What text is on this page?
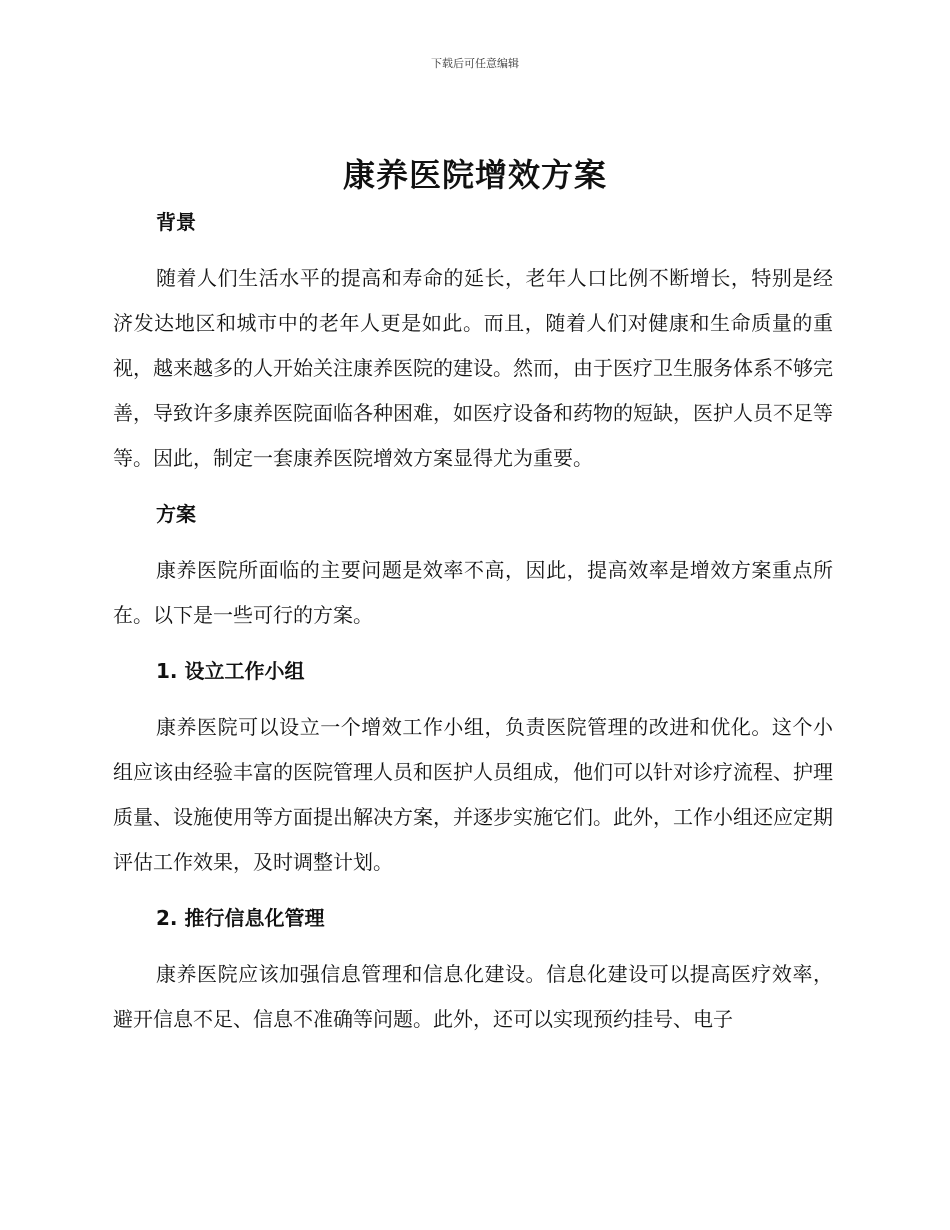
下载后可任意编辑
康养医院增效方案

背景

随着人们生活水平的提高和寿命的延长，老年人口比例不断增长，特别是经济发达地区和城市中的老年人更是如此。而且，随着人们对健康和生命质量的重视，越来越多的人开始关注康养医院的建设。然而，由于医疗卫生服务体系不够完善，导致许多康养医院面临各种困难，如医疗设备和药物的短缺，医护人员不足等等。因此，制定一套康养医院增效方案显得尤为重要。

方案

康养医院所面临的主要问题是效率不高，因此，提高效率是增效方案重点所在。以下是一些可行的方案。

1. 设立工作小组

康养医院可以设立一个增效工作小组，负责医院管理的改进和优化。这个小组应该由经验丰富的医院管理人员和医护人员组成，他们可以针对诊疗流程、护理质量、设施使用等方面提出解决方案，并逐步实施它们。此外，工作小组还应定期评估工作效果，及时调整计划。

2. 推行信息化管理

康养医院应该加强信息管理和信息化建设。信息化建设可以提高医疗效率，避开信息不足、信息不准确等问题。此外，还可以实现预约挂号、电子
